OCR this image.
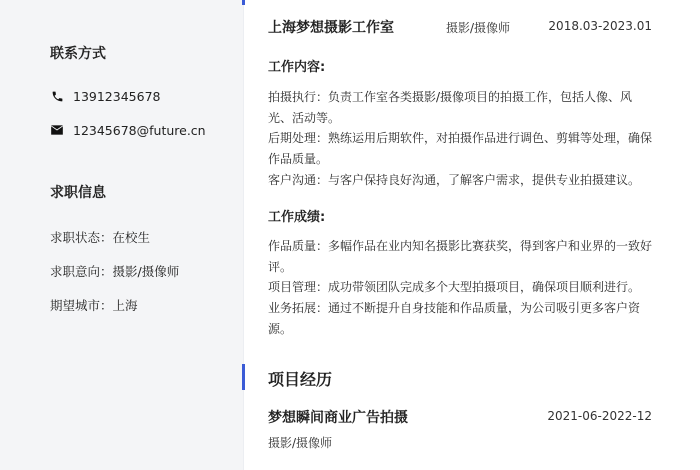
联系方式
13912345678
12345678@future.cn
求职信息
求职状态：在校生
求职意向：摄影/摄像师
期望城市：上海
上海梦想摄影工作室	摄影/摄像师	2018.03-2023.01
工作内容:
拍摄执行：负责工作室各类摄影/摄像项目的拍摄工作，包括人像、风光、活动等。
后期处理：熟练运用后期软件，对拍摄作品进行调色、剪辑等处理，确保作品质量。
客户沟通：与客户保持良好沟通，了解客户需求，提供专业拍摄建议。
工作成绩:
作品质量：多幅作品在业内知名摄影比赛获奖，得到客户和业界的一致好评。
项目管理：成功带领团队完成多个大型拍摄项目，确保项目顺利进行。
业务拓展：通过不断提升自身技能和作品质量，为公司吸引更多客户资源。
梦想瞬间商业广告拍摄	2021-06-2022-12
摄影/摄像师
项目经历
